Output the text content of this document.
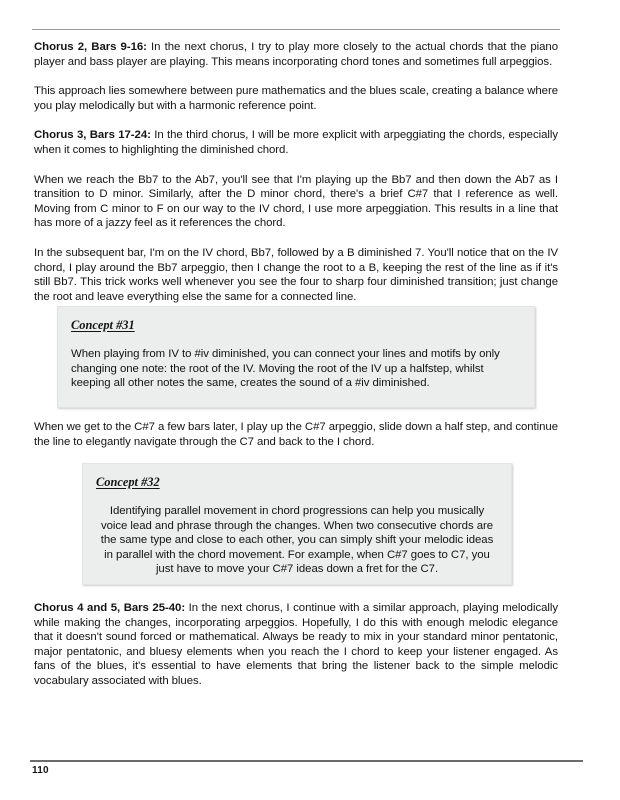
Chorus 2, Bars 9-16: In the next chorus, I try to play more closely to the actual chords that the piano player and bass player are playing. This means incorporating chord tones and sometimes full arpeggios.

This approach lies somewhere between pure mathematics and the blues scale, creating a balance where you play melodically but with a harmonic reference point.

Chorus 3, Bars 17-24: In the third chorus, I will be more explicit with arpeggiating the chords, especially when it comes to highlighting the diminished chord.

When we reach the Bb7 to the Ab7, you'll see that I'm playing up the Bb7 and then down the Ab7 as I transition to D minor. Similarly, after the D minor chord, there's a brief C#7 that I reference as well. Moving from C minor to F on our way to the IV chord, I use more arpeggiation. This results in a line that has more of a jazzy feel as it references the chord.

In the subsequent bar, I'm on the IV chord, Bb7, followed by a B diminished 7. You'll notice that on the IV chord, I play around the Bb7 arpeggio, then I change the root to a B, keeping the rest of the line as if it's still Bb7. This trick works well whenever you see the four to sharp four diminished transition; just change the root and leave everything else the same for a connected line.

Concept #31

When playing from IV to #iv diminished, you can connect your lines and motifs by only changing one note: the root of the IV. Moving the root of the IV up a halfstep, whilst keeping all other notes the same, creates the sound of a #iv diminished.

When we get to the C#7 a few bars later, I play up the C#7 arpeggio, slide down a half step, and continue the line to elegantly navigate through the C7 and back to the I chord.

Concept #32

Identifying parallel movement in chord progressions can help you musically voice lead and phrase through the changes. When two consecutive chords are the same type and close to each other, you can simply shift your melodic ideas in parallel with the chord movement. For example, when C#7 goes to C7, you just have to move your C#7 ideas down a fret for the C7.

Chorus 4 and 5, Bars 25-40: In the next chorus, I continue with a similar approach, playing melodically while making the changes, incorporating arpeggios. Hopefully, I do this with enough melodic elegance that it doesn't sound forced or mathematical. Always be ready to mix in your standard minor pentatonic, major pentatonic, and bluesy elements when you reach the I chord to keep your listener engaged. As fans of the blues, it's essential to have elements that bring the listener back to the simple melodic vocabulary associated with blues.

110
